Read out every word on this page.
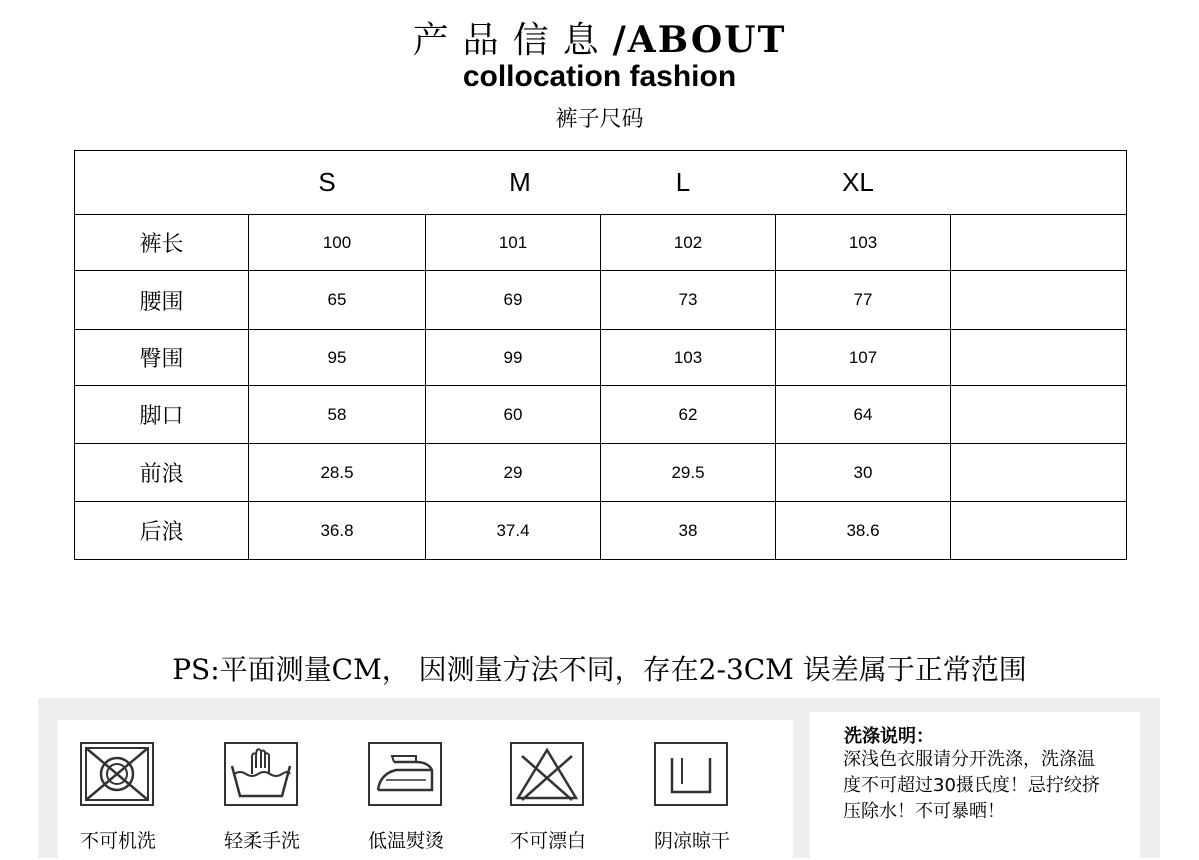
产品信息/ABOUT
collocation fashion
裤子尺码
	S	M	L	XL	
裤长	100	101	102	103	
腰围	65	69	73	77	
臀围	95	99	103	107	
脚口	58	60	62	64	
前浪	28.5	29	29.5	30	
后浪	36.8	37.4	38	38.6	
PS:平面测量CM， 因测量方法不同，存在2-3CM 误差属于正常范围
不可机洗	轻柔手洗	低温熨烫	不可漂白	阴凉晾干
洗涤说明：
深浅色衣服请分开洗涤，洗涤温
度不可超过30摄氏度！忌拧绞挤
压除水！不可暴晒！
